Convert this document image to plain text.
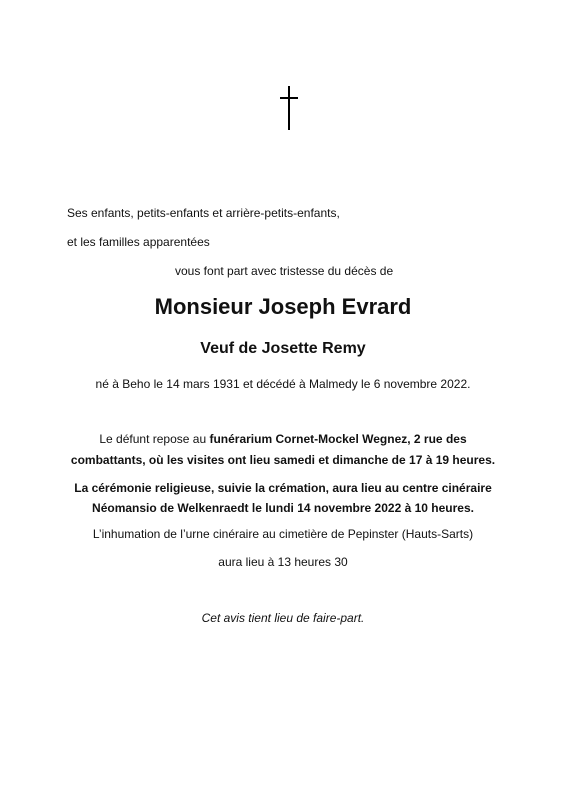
Ses enfants, petits-enfants et arrière-petits-enfants,
et les familles apparentées
vous font part avec tristesse du décès de
Monsieur Joseph Evrard
Veuf de Josette Remy
né à Beho le 14 mars 1931 et décédé à Malmedy le 6 novembre 2022.
Le défunt repose au funérarium Cornet-Mockel Wegnez, 2 rue des
combattants, où les visites ont lieu samedi et dimanche de 17 à 19 heures.
La cérémonie religieuse, suivie la crémation, aura lieu au centre cinéraire
Néomansio de Welkenraedt le lundi 14 novembre 2022 à 10 heures.
L’inhumation de l’urne cinéraire au cimetière de Pepinster (Hauts-Sarts)
aura lieu à 13 heures 30
Cet avis tient lieu de faire-part.
